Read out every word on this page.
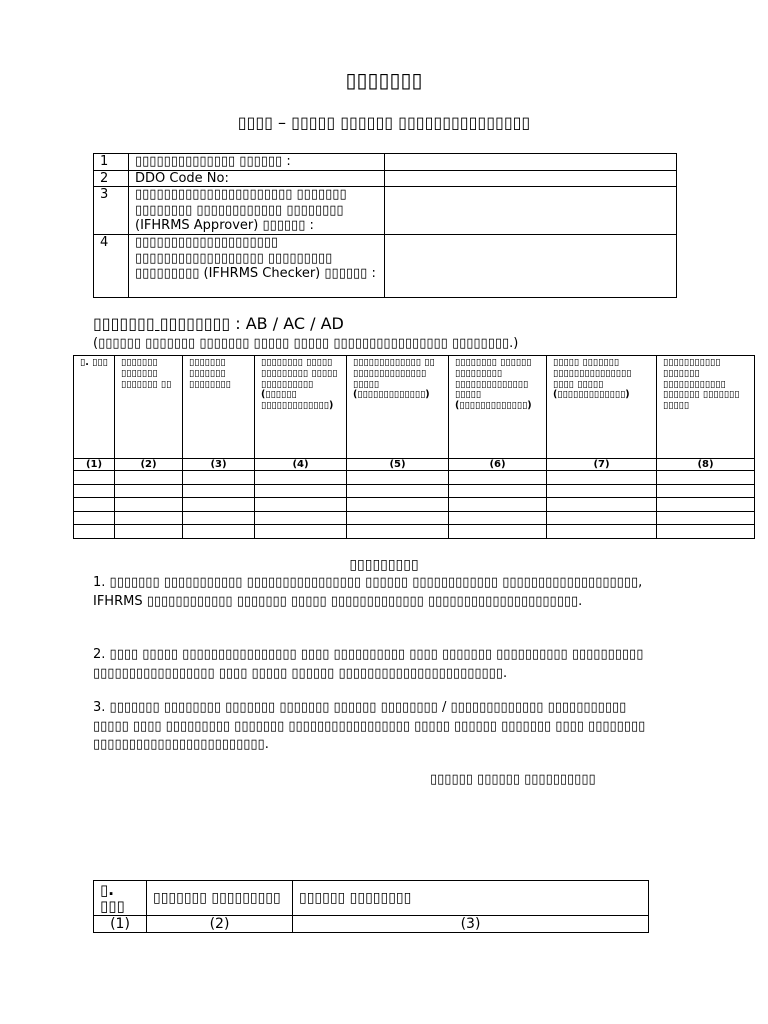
▯▯▯▯▯▯▯
▯▯▯▯ – ▯▯▯▯▯ ▯▯▯▯▯▯ ▯▯▯▯▯▯▯▯▯▯▯▯▯▯▯
1	▯▯▯▯▯▯▯▯▯▯▯▯▯▯ ▯▯▯▯▯▯ :	
2	DDO Code No:	
3	▯▯▯▯▯▯▯▯▯▯▯▯▯▯▯▯▯▯▯▯▯▯ ▯▯▯▯▯▯▯ ▯▯▯▯▯▯▯▯ ▯▯▯▯▯▯▯▯▯▯▯▯ ▯▯▯▯▯▯▯▯ (IFHRMS Approver) ▯▯▯▯▯▯ :	
4	▯▯▯▯▯▯▯▯▯▯▯▯▯▯▯▯▯▯▯▯ ▯▯▯▯▯▯▯▯▯▯▯▯▯▯▯▯▯▯ ▯▯▯▯▯▯▯▯▯ ▯▯▯▯▯▯▯▯▯ (IFHRMS Checker) ▯▯▯▯▯▯ :	
▯▯▯▯▯▯▯ ▯▯▯▯▯▯▯▯ : AB / AC / AD
(▯▯▯▯▯▯ ▯▯▯▯▯▯▯ ▯▯▯▯▯▯▯ ▯▯▯▯▯ ▯▯▯▯▯ ▯▯▯▯▯▯▯▯▯▯▯▯▯▯▯▯ ▯▯▯▯▯▯▯▯.)
▯. ▯▯▯	▯▯▯▯▯▯▯ ▯▯▯▯▯▯▯ ▯▯▯▯▯▯▯ ▯▯	▯▯▯▯▯▯▯ ▯▯▯▯▯▯▯ ▯▯▯▯▯▯▯▯	▯▯▯▯▯▯▯▯ ▯▯▯▯▯ ▯▯▯▯▯▯▯▯▯ ▯▯▯▯▯ ▯▯▯▯▯▯▯▯▯▯ (▯▯▯▯▯▯ ▯▯▯▯▯▯▯▯▯▯▯▯▯)	▯▯▯▯▯▯▯▯▯▯▯▯▯ ▯▯ ▯▯▯▯▯▯▯▯▯▯▯▯▯▯ ▯▯▯▯▯ (▯▯▯▯▯▯▯▯▯▯▯▯▯)	▯▯▯▯▯▯▯▯ ▯▯▯▯▯▯ ▯▯▯▯▯▯▯▯▯ ▯▯▯▯▯▯▯▯▯▯▯▯▯▯ ▯▯▯▯▯ (▯▯▯▯▯▯▯▯▯▯▯▯▯)	▯▯▯▯▯ ▯▯▯▯▯▯▯ ▯▯▯▯▯▯▯▯▯▯▯▯▯▯▯ ▯▯▯▯ ▯▯▯▯▯ (▯▯▯▯▯▯▯▯▯▯▯▯▯)	▯▯▯▯▯▯▯▯▯▯▯ ▯▯▯▯▯▯▯ ▯▯▯▯▯▯▯▯▯▯▯▯ ▯▯▯▯▯▯▯ ▯▯▯▯▯▯▯ ▯▯▯▯▯
(1)	(2)	(3)	(4)	(5)	(6)	(7)	(8)

▯▯▯▯▯▯▯▯▯

1. ▯▯▯▯▯▯▯ ▯▯▯▯▯▯▯▯▯▯▯ ▯▯▯▯▯▯▯▯▯▯▯▯▯▯▯▯ ▯▯▯▯▯▯ ▯▯▯▯▯▯▯▯▯▯▯▯ ▯▯▯▯▯▯▯▯▯▯▯▯▯▯▯▯▯▯▯, IFHRMS ▯▯▯▯▯▯▯▯▯▯▯▯ ▯▯▯▯▯▯▯ ▯▯▯▯▯ ▯▯▯▯▯▯▯▯▯▯▯▯▯ ▯▯▯▯▯▯▯▯▯▯▯▯▯▯▯▯▯▯▯▯▯.

2. ▯▯▯▯ ▯▯▯▯▯ ▯▯▯▯▯▯▯▯▯▯▯▯▯▯▯▯ ▯▯▯▯ ▯▯▯▯▯▯▯▯▯▯ ▯▯▯▯ ▯▯▯▯▯▯▯ ▯▯▯▯▯▯▯▯▯▯ ▯▯▯▯▯▯▯▯▯▯ ▯▯▯▯▯▯▯▯▯▯▯▯▯▯▯▯▯ ▯▯▯▯ ▯▯▯▯▯ ▯▯▯▯▯▯ ▯▯▯▯▯▯▯▯▯▯▯▯▯▯▯▯▯▯▯▯▯▯▯.

3. ▯▯▯▯▯▯▯ ▯▯▯▯▯▯▯▯ ▯▯▯▯▯▯▯ ▯▯▯▯▯▯▯ ▯▯▯▯▯▯ ▯▯▯▯▯▯▯▯ / ▯▯▯▯▯▯▯▯▯▯▯▯▯ ▯▯▯▯▯▯▯▯▯▯▯ ▯▯▯▯▯ ▯▯▯▯ ▯▯▯▯▯▯▯▯▯ ▯▯▯▯▯▯▯ ▯▯▯▯▯▯▯▯▯▯▯▯▯▯▯▯▯ ▯▯▯▯▯ ▯▯▯▯▯▯ ▯▯▯▯▯▯▯ ▯▯▯▯ ▯▯▯▯▯▯▯▯ ▯▯▯▯▯▯▯▯▯▯▯▯▯▯▯▯▯▯▯▯▯▯▯▯.

▯▯▯▯▯▯ ▯▯▯▯▯▯ ▯▯▯▯▯▯▯▯▯▯
▯. ▯▯▯	▯▯▯▯▯▯▯ ▯▯▯▯▯▯▯▯▯	▯▯▯▯▯▯ ▯▯▯▯▯▯▯▯
(1)	(2)	(3)
